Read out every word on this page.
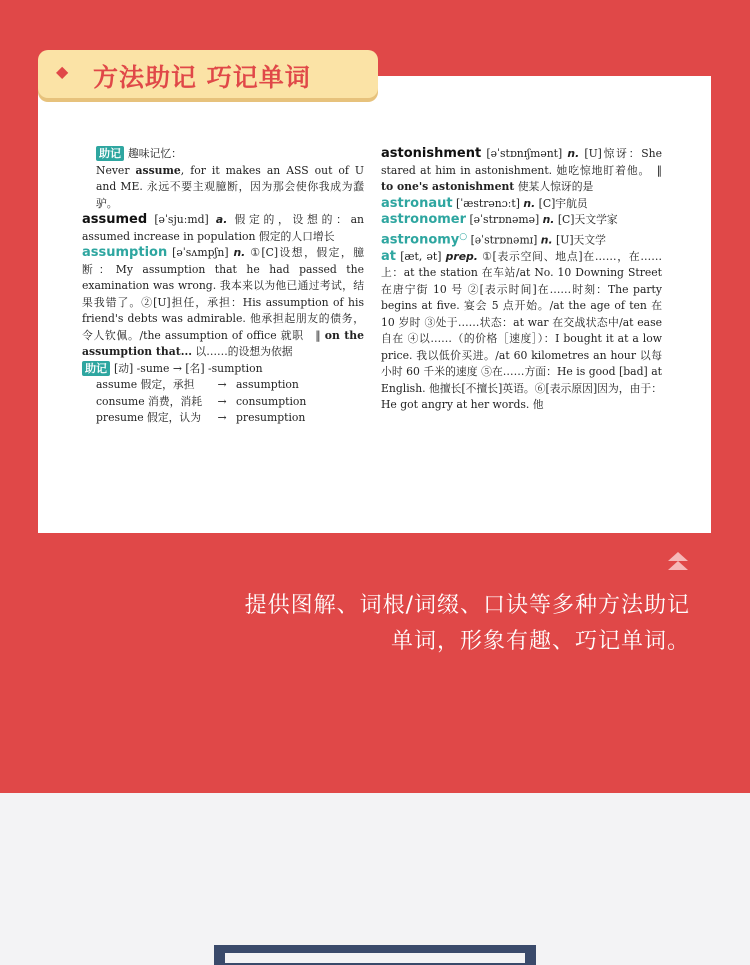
◆ 方法助记 巧记单词

助记 趣味记忆：
Never assume, for it makes an ASS out of U and ME. 永远不要主观臆断，因为那会使你我成为蠢驴。

assumed [əˈsjuːmd] a. 假定的，设想的：an assumed increase in population 假定的人口增长

assumption [əˈsʌmpʃn] n. ①[C]设想，假定，臆断：My assumption that he had passed the examination was wrong. 我本来以为他已通过考试，结果我错了。②[U]担任，承担：His assumption of his friend's debts was admirable. 他承担起朋友的债务，令人钦佩。/the assumption of office 就职　‖ on the assumption that... 以……的设想为依据

助记 [动] -sume → [名] -sumption

assume 假定，承担	→ assumption
consume 消费，消耗	→ consumption
presume 假定，认为	→ presumption

astonishment [əˈstɒnɪʃmənt] n. [U]惊讶：She stared at him in astonishment. 她吃惊地盯着他。　‖ to one's astonishment 使某人惊讶的是

astronaut [ˈæstrənɔːt] n. [C]宇航员

astronomer [əˈstrɒnəmə] n. [C]天文学家

astronomy○ [əˈstrɒnəmɪ] n. [U]天文学

at [æt, ət] prep. ①[表示空间、地点]在……，在……上：at the station 在车站/at No. 10 Downing Street 在唐宁街 10 号 ②[表示时间]在……时刻：The party begins at five. 宴会 5 点开始。/at the age of ten 在 10 岁时 ③处于……状态：at war 在交战状态中/at ease 自在 ④以……（的价格［速度］）：I bought it at a low price. 我以低价买进。/at 60 kilometres an hour 以每小时 60 千米的速度 ⑤在……方面：He is good [bad] at English. 他擅长[不擅长]英语。⑥[表示原因]因为，由于：He got angry at her words. 他

提供图解、词根/词缀、口诀等多种方法助记
单词，形象有趣、巧记单词。
